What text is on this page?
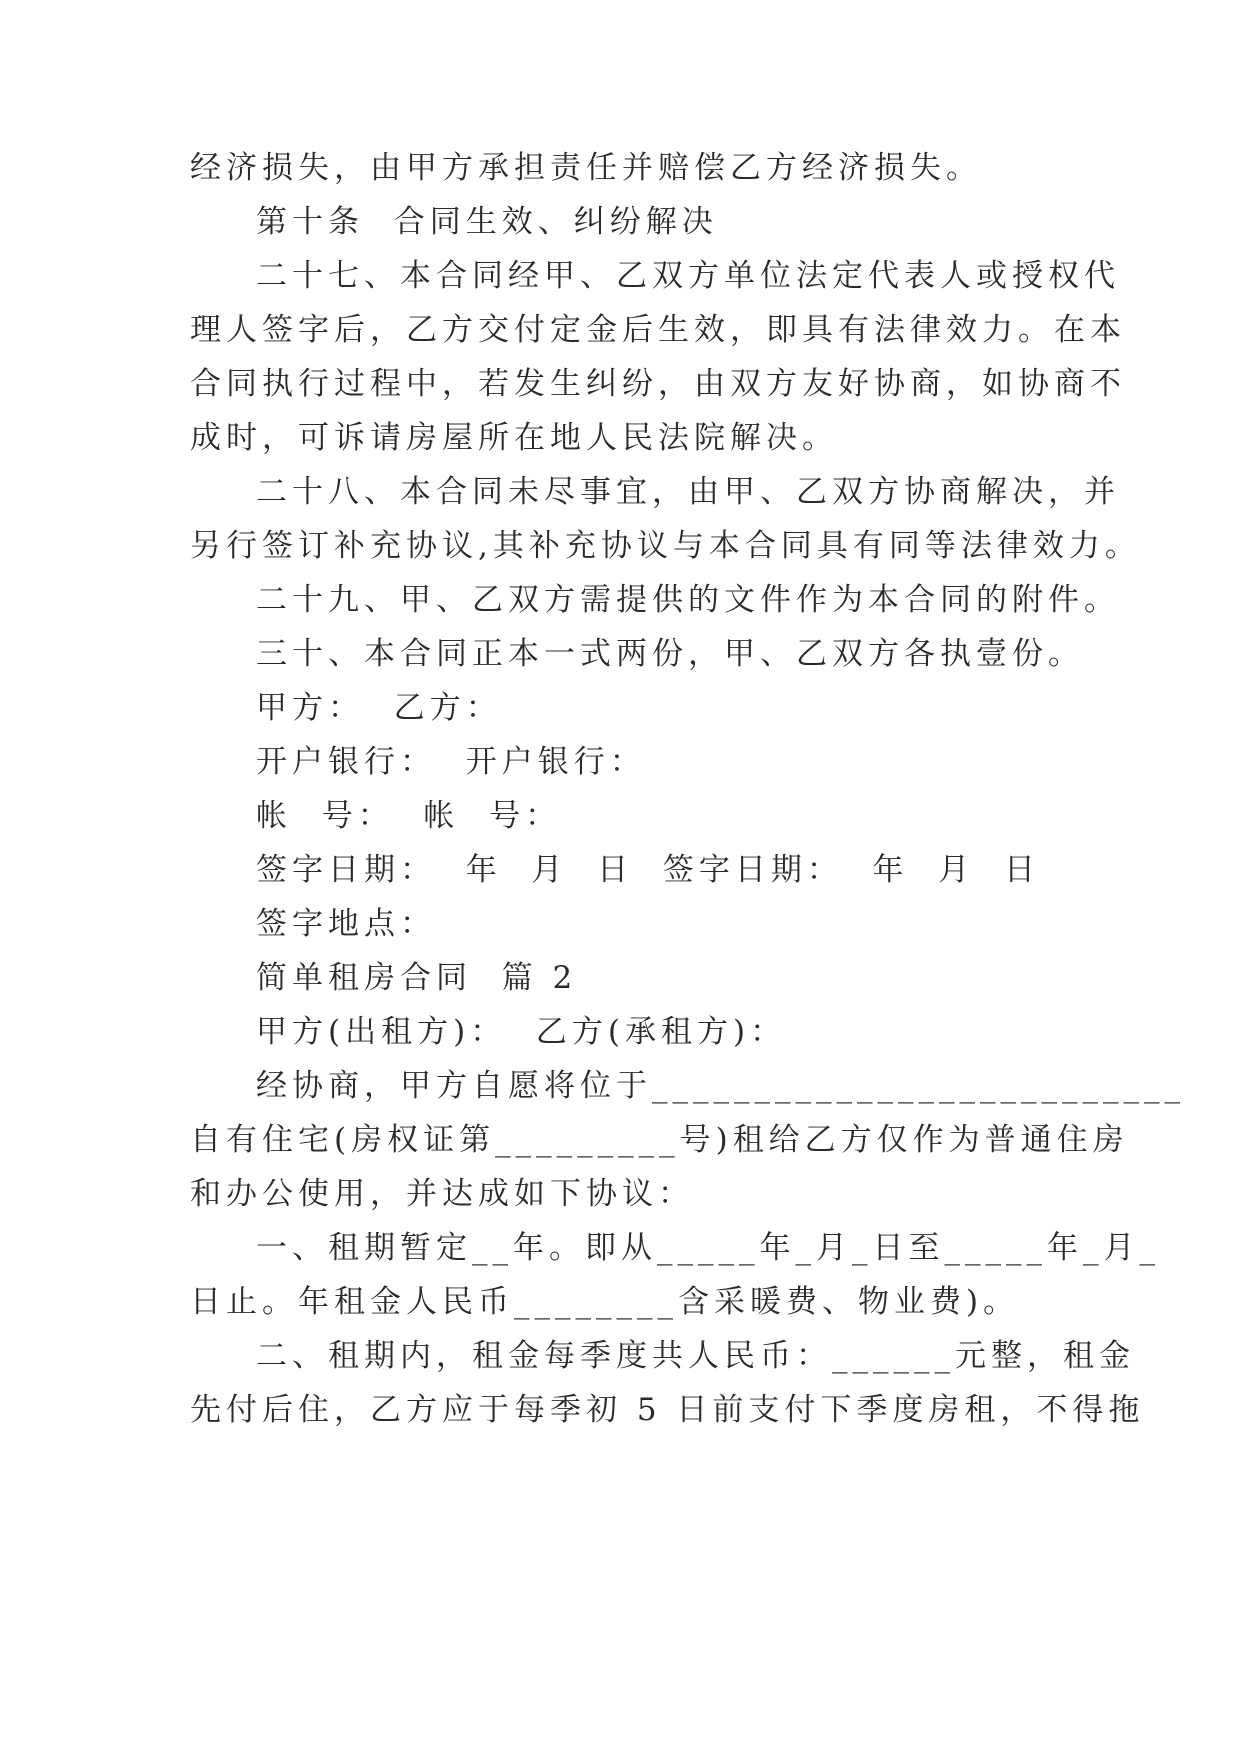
经济损失，由甲方承担责任并赔偿乙方经济损失。
第十条  合同生效、纠纷解决
二十七、本合同经甲、乙双方单位法定代表人或授权代
理人签字后，乙方交付定金后生效，即具有法律效力。在本
合同执行过程中，若发生纠纷，由双方友好协商，如协商不
成时，可诉请房屋所在地人民法院解决。
二十八、本合同未尽事宜，由甲、乙双方协商解决，并
另行签订补充协议,其补充协议与本合同具有同等法律效力。
二十九、甲、乙双方需提供的文件作为本合同的附件。
三十、本合同正本一式两份，甲、乙双方各执壹份。
甲方：  乙方：
开户银行：  开户银行：
帐  号：  帐  号：
签字日期：  年  月  日  签字日期：  年  月  日
签字地点：
简单租房合同  篇 2
甲方(出租方)：  乙方(承租方)：
经协商，甲方自愿将位于__________________________
自有住宅(房权证第_________号)租给乙方仅作为普通住房
和办公使用，并达成如下协议：
一、租期暂定__年。即从_____年_月_日至_____年_月_
日止。年租金人民币________含采暖费、物业费)。
二、租期内，租金每季度共人民币：______元整，租金
先付后住，乙方应于每季初 5 日前支付下季度房租，不得拖
